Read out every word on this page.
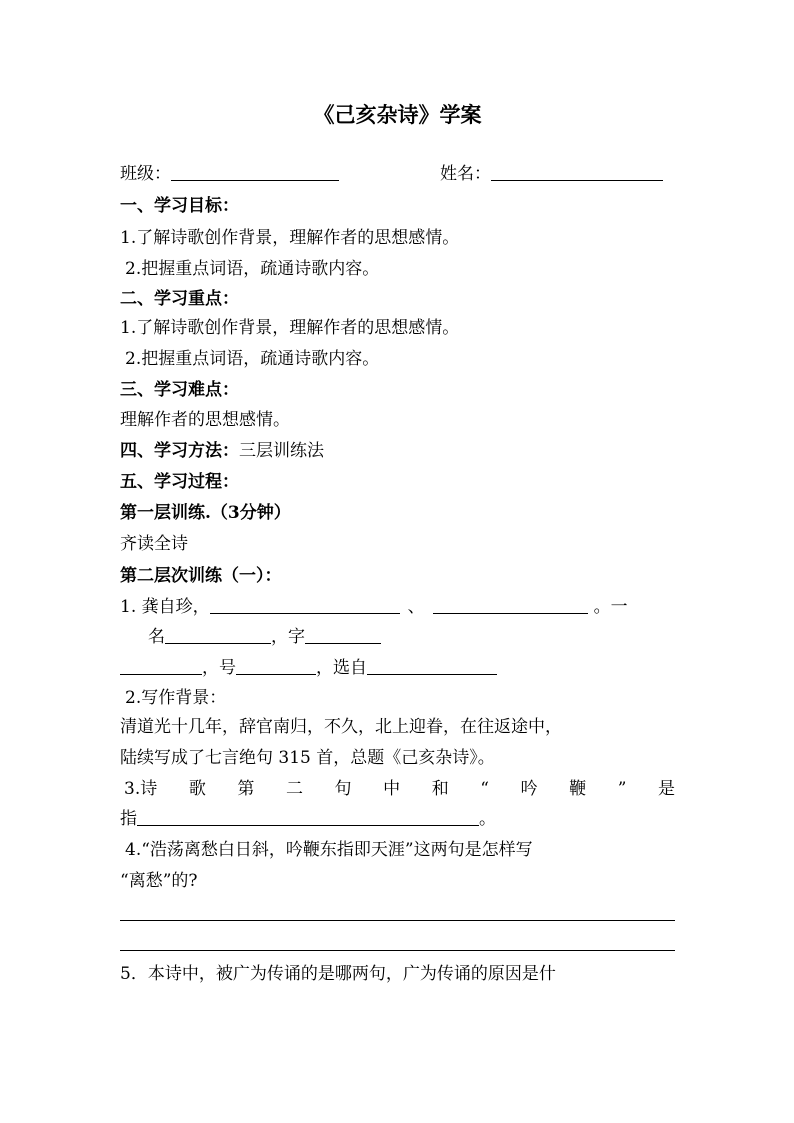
《己亥杂诗》学案
班级：	姓名：
一、学习目标：
1.了解诗歌创作背景，理解作者的思想感情。
2.把握重点词语，疏通诗歌内容。
二、学习重点：
1.了解诗歌创作背景，理解作者的思想感情。
2.把握重点词语，疏通诗歌内容。
三、学习难点：
理解作者的思想感情。
四、学习方法：三层训练法
五、学习过程：
第一层训练.（3分钟）
齐读全诗
第二层次训练（一）：
1. 龚自珍，	、	。一
名	，字
，号	，选自
2.写作背景：
清道光十几年，辞官南归，不久，北上迎眷，在往返途中，
陆续写成了七言绝句 315 首，总题《己亥杂诗》。
3.诗 歌 第 二 句 中 和 “ 吟 鞭 ” 是
指	。
4.“浩荡离愁白日斜，吟鞭东指即天涯”这两句是怎样写
“离愁”的?
5．本诗中，被广为传诵的是哪两句，广为传诵的原因是什
